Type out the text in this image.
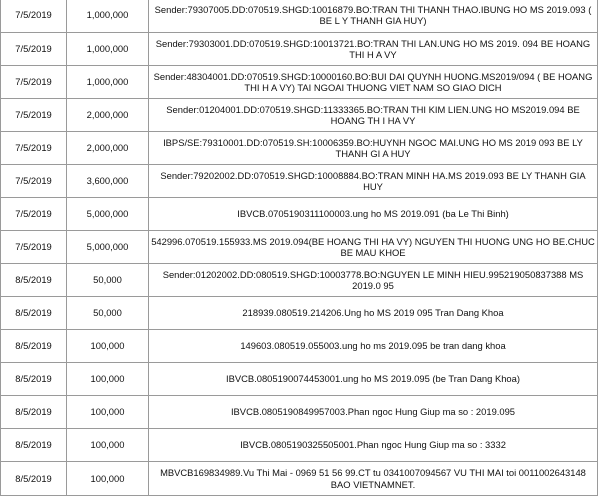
7/5/2019	1,000,000	Sender:79307005.DD:070519.SHGD:10016879.BO:TRAN THI THANH THAO.IBUNG HO MS 2019.093 ( BE L Y THANH GIA HUY)
7/5/2019	1,000,000	Sender:79303001.DD:070519.SHGD:10013721.BO:TRAN THI LAN.UNG HO MS 2019. 094 BE HOANG THI H A VY
7/5/2019	1,000,000	Sender:48304001.DD:070519.SHGD:10000160.BO:BUI DAI QUYNH HUONG.MS2019/094 ( BE HOANG THI H A VY) TAI NGOAI THUONG VIET NAM SO GIAO DICH
7/5/2019	2,000,000	Sender:01204001.DD:070519.SHGD:11333365.BO:TRAN THI KIM LIEN.UNG HO MS2019.094 BE HOANG TH I HA VY
7/5/2019	2,000,000	IBPS/SE:79310001.DD:070519.SH:10006359.BO:HUYNH NGOC MAI.UNG HO MS 2019 093 BE LY THANH GI A HUY
7/5/2019	3,600,000	Sender:79202002.DD:070519.SHGD:10008884.BO:TRAN MINH HA.MS 2019.093 BE LY THANH GIA HUY
7/5/2019	5,000,000	IBVCB.0705190311100003.ung ho MS 2019.091 (ba Le Thi Binh)
7/5/2019	5,000,000	542996.070519.155933.MS 2019.094(BE HOANG THI HA VY) NGUYEN THI HUONG UNG HO BE.CHUC BE MAU KHOE
8/5/2019	50,000	Sender:01202002.DD:080519.SHGD:10003778.BO:NGUYEN LE MINH HIEU.995219050837388 MS 2019.0 95
8/5/2019	50,000	218939.080519.214206.Ung ho MS 2019 095 Tran Dang Khoa
8/5/2019	100,000	149603.080519.055003.ung ho ms 2019.095 be tran dang khoa
8/5/2019	100,000	IBVCB.0805190074453001.ung ho MS 2019.095 (be Tran Dang Khoa)
8/5/2019	100,000	IBVCB.0805190849957003.Phan ngoc Hung Giup ma so : 2019.095
8/5/2019	100,000	IBVCB.0805190325505001.Phan ngoc Hung Giup ma so : 3332
8/5/2019	100,000	MBVCB169834989.Vu Thi Mai - 0969 51 56 99.CT tu 0341007094567 VU THI MAI toi 0011002643148 BAO VIETNAMNET.
